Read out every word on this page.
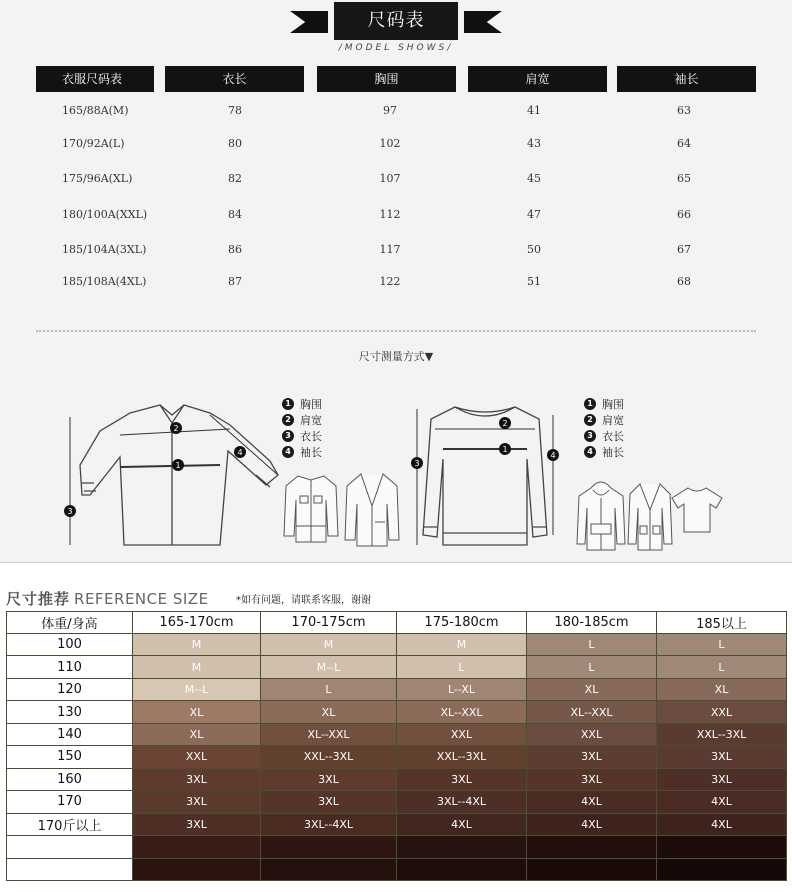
尺码表
/MODEL SHOWS/
衣服尺码表	衣长	胸围	肩宽	袖长
165/88A(M)	78	97	41	63
170/92A(L)	80	102	43	64
175/96A(XL)	82	107	45	65
180/100A(XXL)	84	112	47	66
185/104A(3XL)	86	117	50	67
185/108A(4XL)	87	122	51	68
尺寸测量方式▼
1
2
3
4
1 胸围
2 肩宽
3 衣长
4 袖长
2
1
3
4
1 胸围
2 肩宽
3 衣长
4 袖长
尺寸推荐 REFERENCE SIZE	*如有问题，请联系客服，谢谢
体重/身高	165-170cm	170-175cm	175-180cm	180-185cm	185以上
100	M	M	M	L	L
110	M	M--L	L	L	L
120	M--L	L	L--XL	XL	XL
130	XL	XL	XL--XXL	XL--XXL	XXL
140	XL	XL--XXL	XXL	XXL	XXL--3XL
150	XXL	XXL--3XL	XXL--3XL	3XL	3XL
160	3XL	3XL	3XL	3XL	3XL
170	3XL	3XL	3XL--4XL	4XL	4XL
170斤以上	3XL	3XL--4XL	4XL	4XL	4XL
